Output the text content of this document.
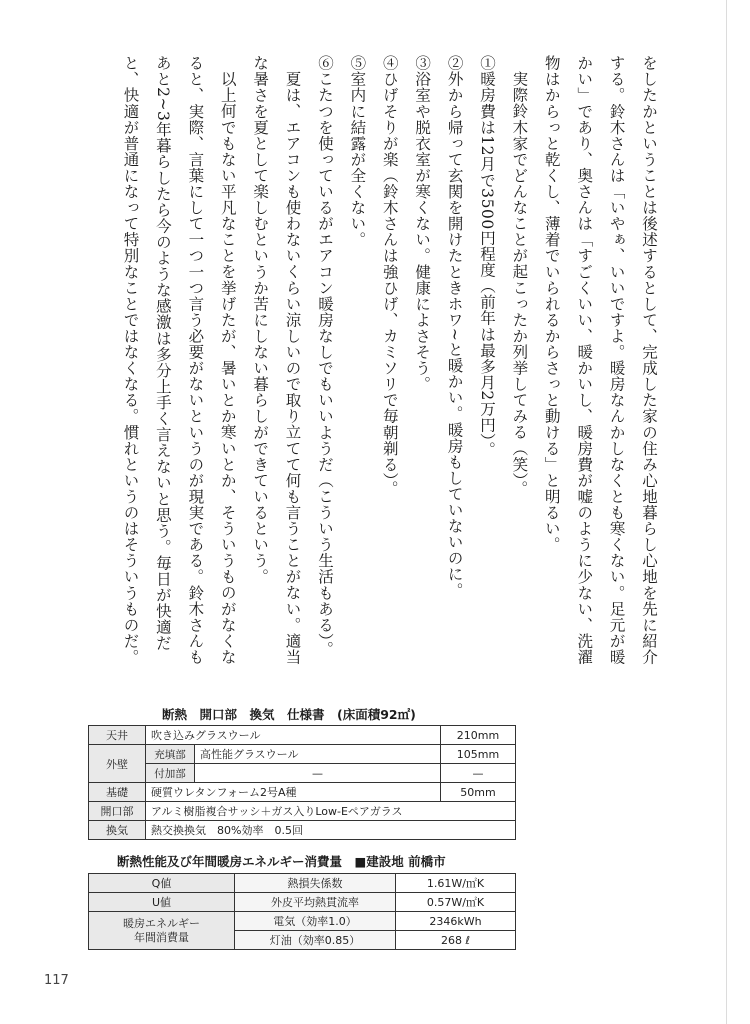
をしたかということは後述するとして、完成した家の住み心地暮らし心地を先に紹介する。鈴木さんは「いやぁ、いいですよ。暖房なんかしなくとも寒くない。足元が暖かい」であり、奥さんは「すごくいい、暖かいし、暖房費が嘘のように少ない、洗濯物はからっと乾くし、薄着でいられるからさっと動ける」と明るい。

実際鈴木家でどんなことが起こったか列挙してみる（笑）。

①暖房費は12月で3500円程度（前年は最多月2万円）。

②外から帰って玄関を開けたときホワ~と暖かい。暖房もしていないのに。

③浴室や脱衣室が寒くない。健康によさそう。

④ひげそりが楽（鈴木さんは強ひげ、カミソリで毎朝剃る）。

⑤室内に結露が全くない。

⑥こたつを使っているがエアコン暖房なしでもいいようだ（こういう生活もある）。

夏は、エアコンも使わないくらい涼しいので取り立てて何も言うことがない。適当な暑さを夏として楽しむというか苦にしない暮らしができているという。

以上何でもない平凡なことを挙げたが、暑いとか寒いとか、そういうものがなくなると、実際、言葉にして一つ一つ言う必要がないというのが現実である。鈴木さんもあと2~3年暮らしたら今のような感激は多分上手く言えないと思う。毎日が快適だと、快適が普通になって特別なことではなくなる。慣れというのはそういうものだ。

断熱　開口部　換気　仕様書　(床面積92㎡)
天井	吹き込みグラスウール		210mm
外壁	充填部	高性能グラスウール	105mm
	付加部	—	—
基礎	硬質ウレタンフォーム2号A種		50mm
開口部	アルミ樹脂複合サッシ＋ガス入りLow-Eペアガラス		
換気	熱交換換気　80%効率　0.5回		
断熱性能及び年間暖房エネルギー消費量　■建設地 前橋市
Q値	熱損失係数	1.61W/㎡K
U値	外皮平均熱貫流率	0.57W/㎡K
暖房エネルギー
年間消費量	電気（効率1.0）	2346kWh
	灯油（効率0.85）	268 ℓ
117
